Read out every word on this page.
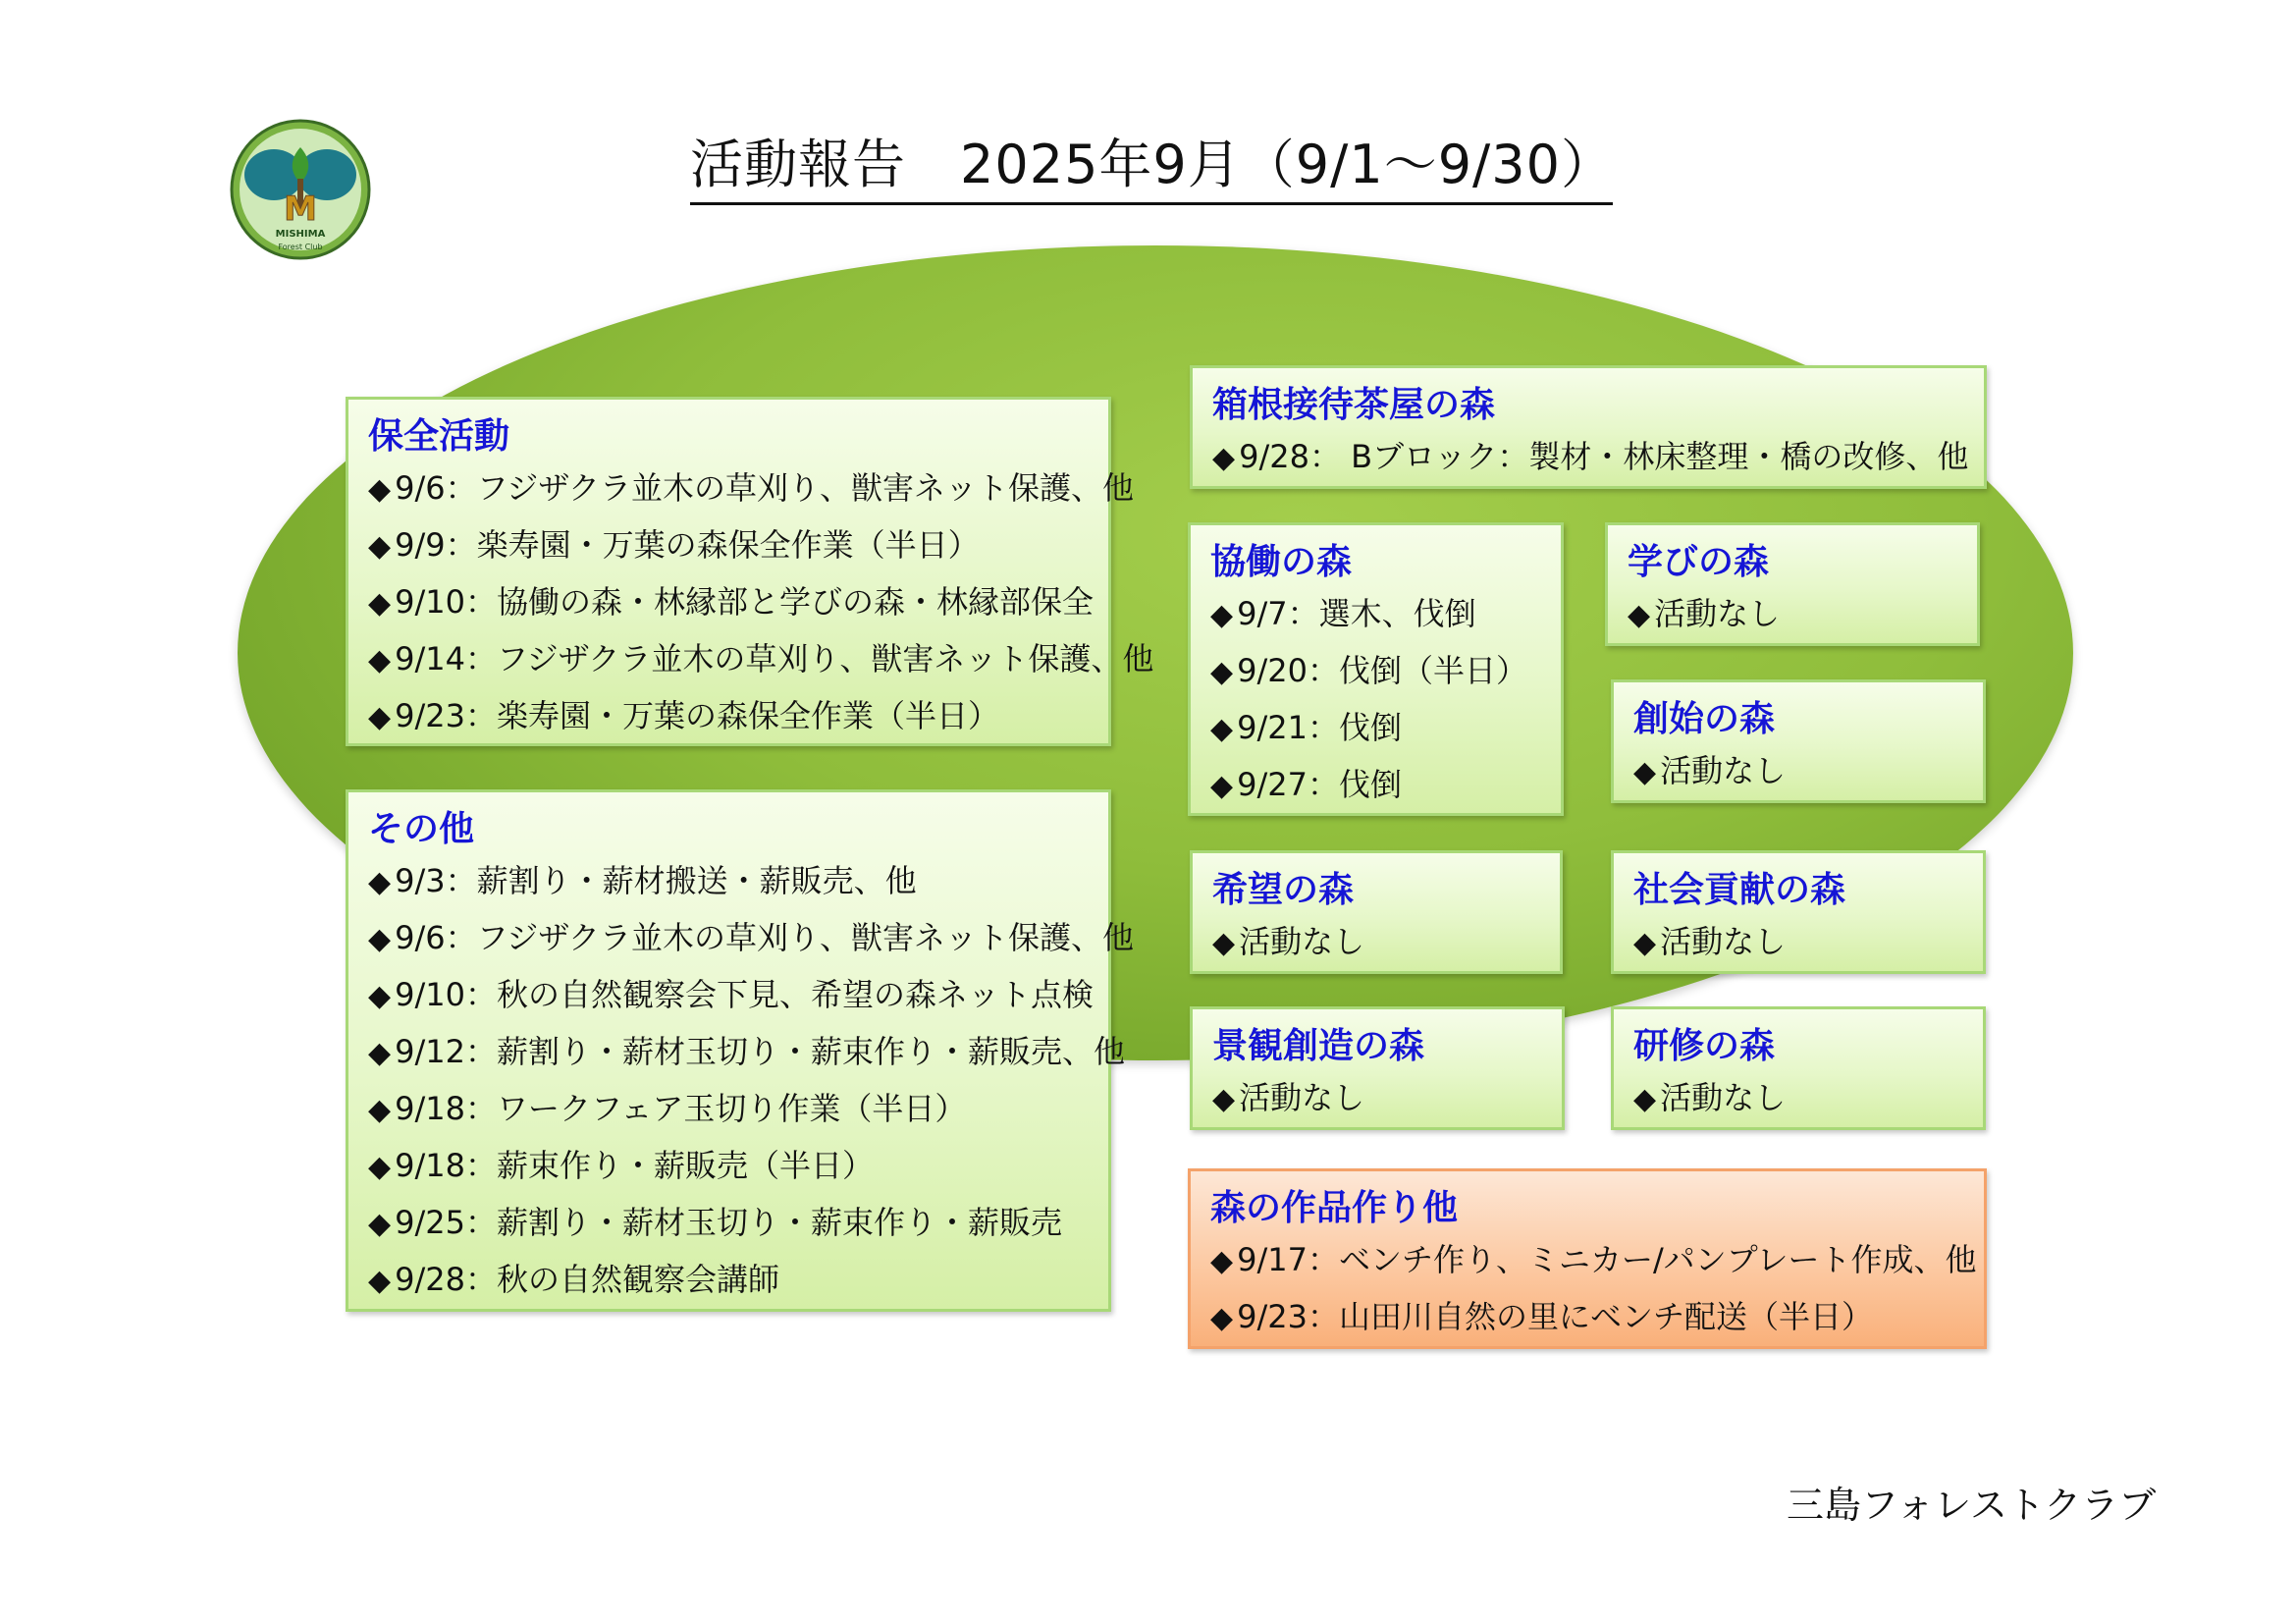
M
MISHIMA
Forest Club
活動報告　2025年9月（9/1～9/30）
保全活動
◆ 9/6：フジザクラ並木の草刈り、獣害ネット保護、他
◆ 9/9：楽寿園・万葉の森保全作業（半日）
◆ 9/10：協働の森・林縁部と学びの森・林縁部保全
◆ 9/14：フジザクラ並木の草刈り、獣害ネット保護、他
◆ 9/23：楽寿園・万葉の森保全作業（半日）
その他
◆ 9/3：薪割り・薪材搬送・薪販売、他
◆ 9/6：フジザクラ並木の草刈り、獣害ネット保護、他
◆ 9/10：秋の自然観察会下見、希望の森ネット点検
◆ 9/12：薪割り・薪材玉切り・薪束作り・薪販売、他
◆ 9/18：ワークフェア玉切り作業（半日）
◆ 9/18：薪束作り・薪販売（半日）
◆ 9/25：薪割り・薪材玉切り・薪束作り・薪販売
◆ 9/28：秋の自然観察会講師
箱根接待茶屋の森
◆ 9/28： Bブロック：製材・林床整理・橋の改修、他
協働の森
◆ 9/7：選木、伐倒
◆ 9/20：伐倒（半日）
◆ 9/21：伐倒
◆ 9/27：伐倒
学びの森
◆ 活動なし
創始の森
◆ 活動なし
希望の森
◆ 活動なし
社会貢献の森
◆ 活動なし
景観創造の森
◆ 活動なし
研修の森
◆ 活動なし
森の作品作り他
◆ 9/17：ベンチ作り、ミニカー/パンプレート作成、他
◆ 9/23：山田川自然の里にベンチ配送（半日）
三島フォレストクラブ
